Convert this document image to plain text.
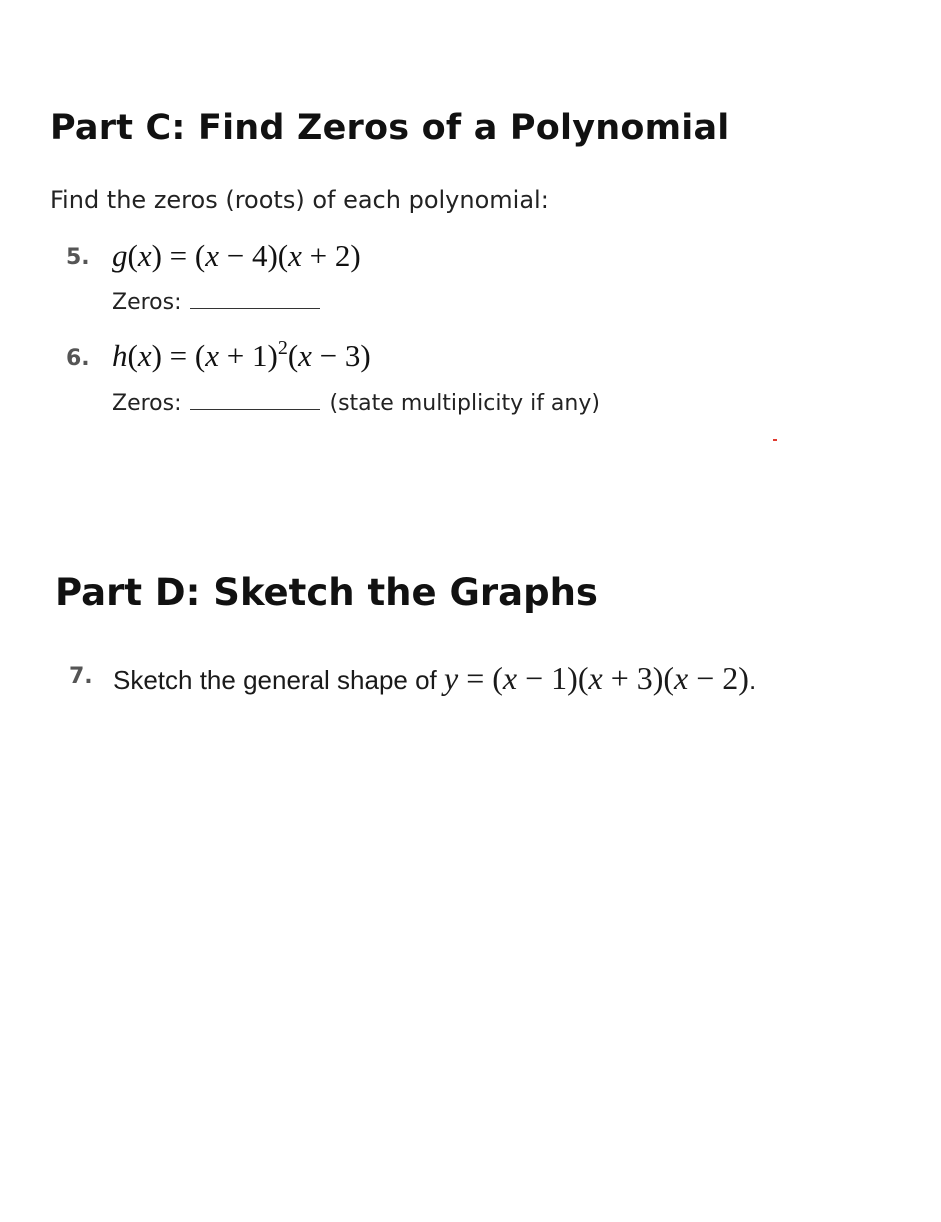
Part C: Find Zeros of a Polynomial

Find the zeros (roots) of each polynomial:

5. g(x) = (x − 4)(x + 2)
Zeros:
6. $h(x) = (x + 1)^2(x - 3)$
Zeros:	(state multiplicity if any)
Part D: Sketch the Graphs
7. Sketch the general shape of y = (x − 1)(x + 3)(x − 2).
